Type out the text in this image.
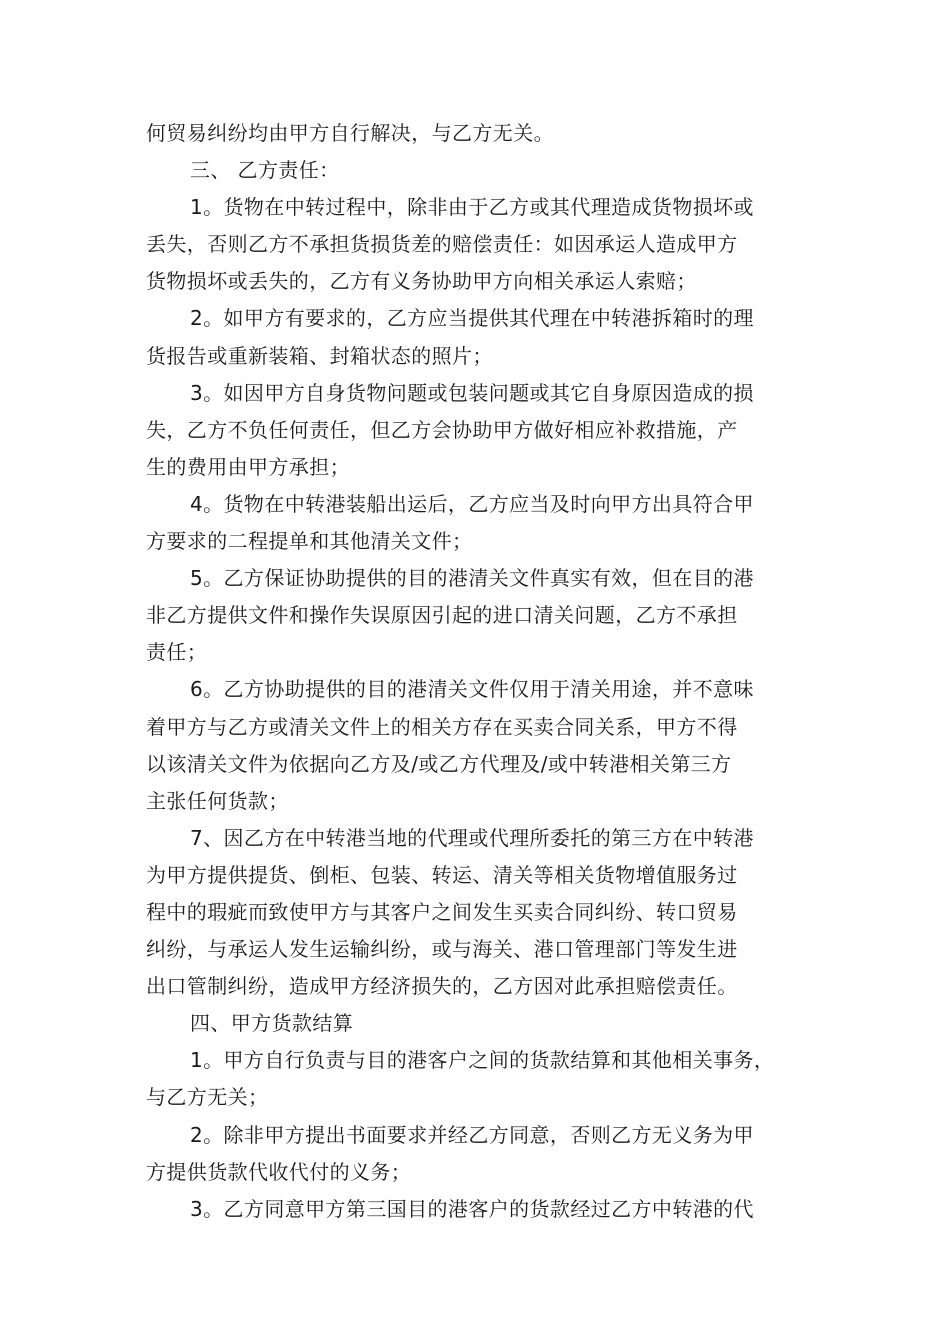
何贸易纠纷均由甲方自行解决，与乙方无关。
三、 乙方责任：
1。货物在中转过程中，除非由于乙方或其代理造成货物损坏或
丢失，否则乙方不承担货损货差的赔偿责任：如因承运人造成甲方
货物损坏或丢失的，乙方有义务协助甲方向相关承运人索赔；
2。如甲方有要求的，乙方应当提供其代理在中转港拆箱时的理
货报告或重新装箱、封箱状态的照片；
3。如因甲方自身货物问题或包装问题或其它自身原因造成的损
失，乙方不负任何责任，但乙方会协助甲方做好相应补救措施，产
生的费用由甲方承担；
4。货物在中转港装船出运后，乙方应当及时向甲方出具符合甲
方要求的二程提单和其他清关文件；
5。乙方保证协助提供的目的港清关文件真实有效，但在目的港
非乙方提供文件和操作失误原因引起的进口清关问题，乙方不承担
责任；
6。乙方协助提供的目的港清关文件仅用于清关用途，并不意味
着甲方与乙方或清关文件上的相关方存在买卖合同关系，甲方不得
以该清关文件为依据向乙方及/或乙方代理及/或中转港相关第三方
主张任何货款；
7、因乙方在中转港当地的代理或代理所委托的第三方在中转港
为甲方提供提货、倒柜、包装、转运、清关等相关货物增值服务过
程中的瑕疵而致使甲方与其客户之间发生买卖合同纠纷、转口贸易
纠纷，与承运人发生运输纠纷，或与海关、港口管理部门等发生进
出口管制纠纷，造成甲方经济损失的，乙方因对此承担赔偿责任。
四、甲方货款结算
1。甲方自行负责与目的港客户之间的货款结算和其他相关事务，
与乙方无关；
2。除非甲方提出书面要求并经乙方同意，否则乙方无义务为甲
方提供货款代收代付的义务；
3。乙方同意甲方第三国目的港客户的货款经过乙方中转港的代
